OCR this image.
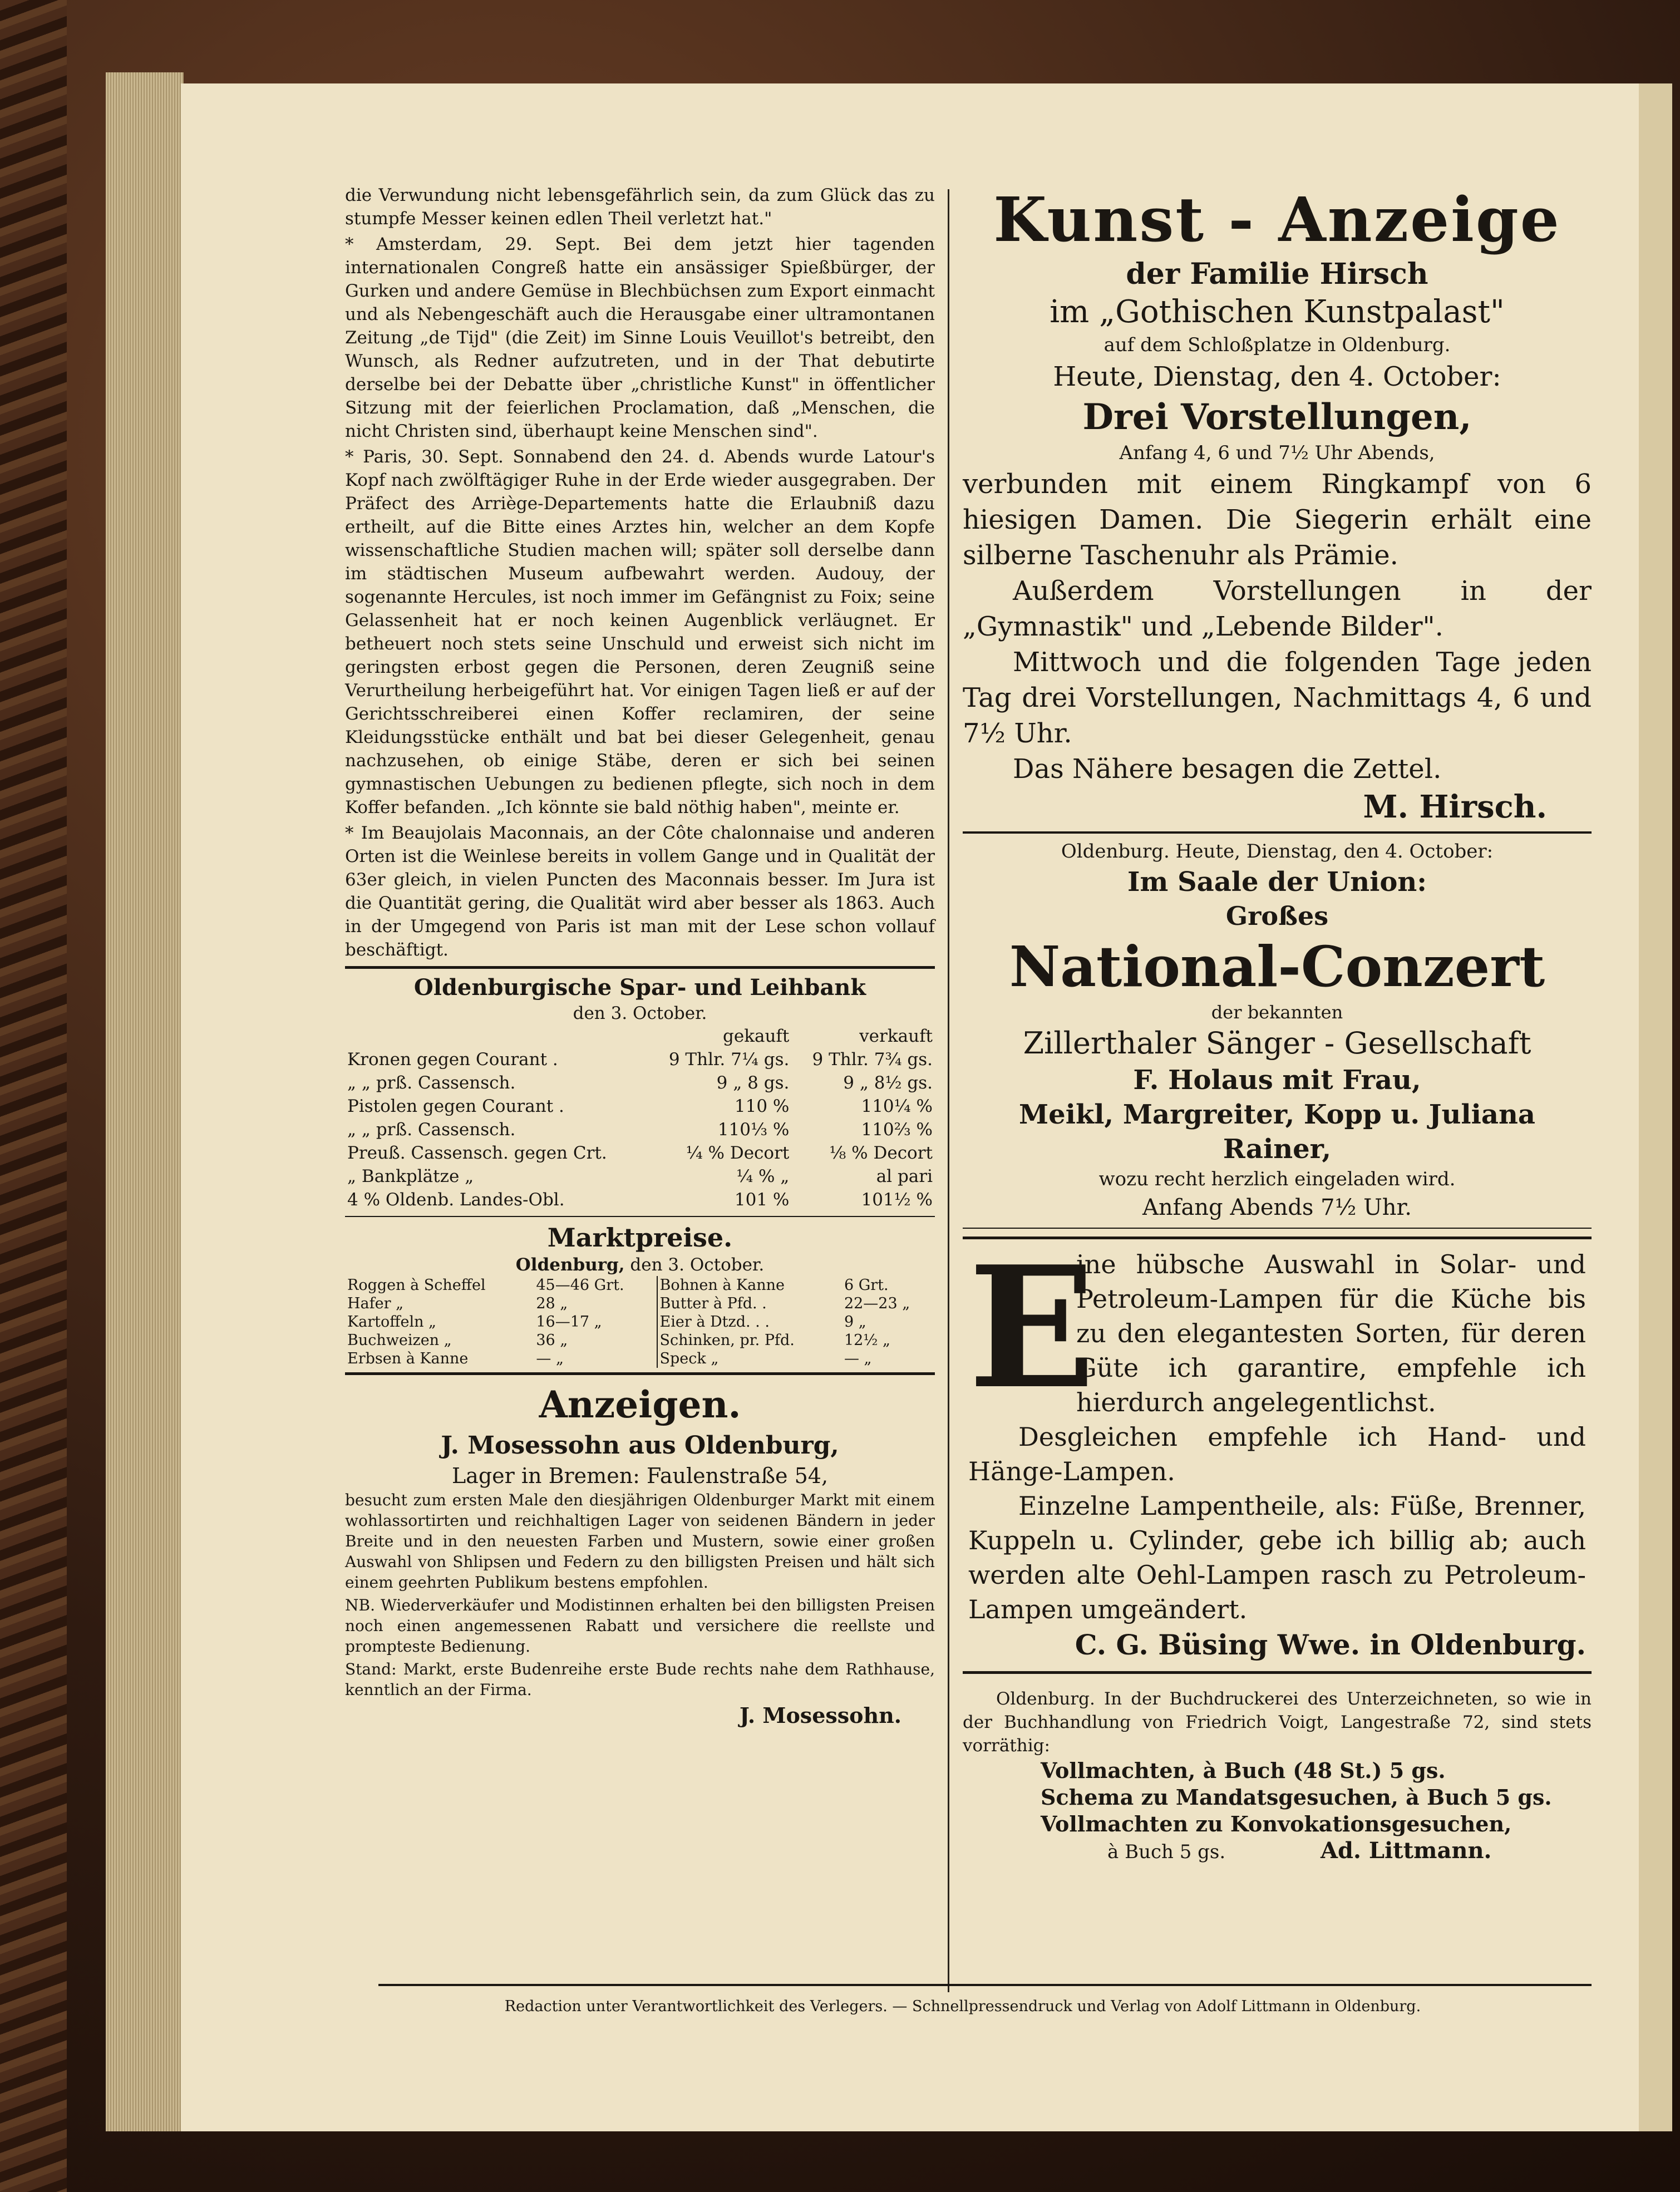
die Verwundung nicht lebensgefährlich sein, da zum Glück das zu stumpfe Messer keinen edlen Theil verletzt hat."

* Amsterdam, 29. Sept. Bei dem jetzt hier tagenden internationalen Congreß hatte ein ansässiger Spießbürger, der Gurken und andere Gemüse in Blechbüchsen zum Export einmacht und als Nebengeschäft auch die Herausgabe einer ultramontanen Zeitung „de Tijd" (die Zeit) im Sinne Louis Veuillot's betreibt, den Wunsch, als Redner aufzutreten, und in der That debutirte derselbe bei der Debatte über „christliche Kunst" in öffentlicher Sitzung mit der feierlichen Proclamation, daß „Menschen, die nicht Christen sind, überhaupt keine Menschen sind".

* Paris, 30. Sept. Sonnabend den 24. d. Abends wurde Latour's Kopf nach zwölftägiger Ruhe in der Erde wieder ausgegraben. Der Präfect des Arriège-Departements hatte die Erlaubniß dazu ertheilt, auf die Bitte eines Arztes hin, welcher an dem Kopfe wissenschaftliche Studien machen will; später soll derselbe dann im städtischen Museum aufbewahrt werden. Audouy, der sogenannte Hercules, ist noch immer im Gefängnist zu Foix; seine Gelassenheit hat er noch keinen Augenblick verläugnet. Er betheuert noch stets seine Unschuld und erweist sich nicht im geringsten erbost gegen die Personen, deren Zeugniß seine Verurtheilung herbeigeführt hat. Vor einigen Tagen ließ er auf der Gerichtsschreiberei einen Koffer reclamiren, der seine Kleidungsstücke enthält und bat bei dieser Gelegenheit, genau nachzusehen, ob einige Stäbe, deren er sich bei seinen gymnastischen Uebungen zu bedienen pflegte, sich noch in dem Koffer befanden. „Ich könnte sie bald nöthig haben", meinte er.

* Im Beaujolais Maconnais, an der Côte chalonnaise und anderen Orten ist die Weinlese bereits in vollem Gange und in Qualität der 63er gleich, in vielen Puncten des Maconnais besser. Im Jura ist die Quantität gering, die Qualität wird aber besser als 1863. Auch in der Umgegend von Paris ist man mit der Lese schon vollauf beschäftigt.

Oldenburgische Spar- und Leihbank
den 3. October.
	gekauft	verkauft
Kronen gegen Courant .	9 Thlr. 7¼ gs.	9 Thlr. 7¾ gs.
„ „ prß. Cassensch.	9 „ 8 gs.	9 „ 8½ gs.
Pistolen gegen Courant .	110 %	110¼ %
„ „ prß. Cassensch.	110⅓ %	110⅔ %
Preuß. Cassensch. gegen Crt.	¼ % Decort	⅛ % Decort
„ Bankplätze „	¼ % „	al pari
4 % Oldenb. Landes-Obl.	101 %	101½ %
Marktpreise.
Oldenburg, den 3. October.
Roggen à Scheffel	45—46 Grt.	Bohnen à Kanne	6 Grt.
Hafer „	28 „	Butter à Pfd. .	22—23 „
Kartoffeln „	16—17 „	Eier à Dtzd. . .	9 „
Buchweizen „	36 „	Schinken, pr. Pfd.	12½ „
Erbsen à Kanne	— „	Speck „	— „
Anzeigen.
J. Mosessohn aus Oldenburg,
Lager in Bremen: Faulenstraße 54,

besucht zum ersten Male den diesjährigen Oldenburger Markt mit einem wohlassortirten und reichhaltigen Lager von seidenen Bändern in jeder Breite und in den neuesten Farben und Mustern, sowie einer großen Auswahl von Shlipsen und Federn zu den billigsten Preisen und hält sich einem geehrten Publikum bestens empfohlen.

NB. Wiederverkäufer und Modistinnen erhalten bei den billigsten Preisen noch einen angemessenen Rabatt und versichere die reellste und prompteste Bedienung.

Stand: Markt, erste Budenreihe erste Bude rechts nahe dem Rathhause, kenntlich an der Firma.

J. Mosessohn.
Kunst - Anzeige
der Familie Hirsch
im „Gothischen Kunstpalast"
auf dem Schloßplatze in Oldenburg.
Heute, Dienstag, den 4. October:
Drei Vorstellungen,
Anfang 4, 6 und 7½ Uhr Abends,
verbunden mit einem Ringkampf von 6 hiesigen Damen. Die Siegerin erhält eine silberne Taschenuhr als Prämie.
Außerdem Vorstellungen in der „Gymnastik" und „Lebende Bilder".
Mittwoch und die folgenden Tage jeden Tag drei Vorstellungen, Nachmittags 4, 6 und 7½ Uhr.
Das Nähere besagen die Zettel.
M. Hirsch.
Oldenburg. Heute, Dienstag, den 4. October:
Im Saale der Union:
Großes
National-Conzert
der bekannten
Zillerthaler Sänger - Gesellschaft
F. Holaus mit Frau,
Meikl, Margreiter, Kopp u. Juliana Rainer,
wozu recht herzlich eingeladen wird.
Anfang Abends 7½ Uhr.
E
ine hübsche Auswahl in Solar- und Petroleum-Lampen für die Küche bis zu den elegantesten Sorten, für deren Güte ich garantire, empfehle ich hierdurch angelegentlichst.
Desgleichen empfehle ich Hand- und Hänge-Lampen.
Einzelne Lampentheile, als: Füße, Brenner, Kuppeln u. Cylinder, gebe ich billig ab; auch werden alte Oehl-Lampen rasch zu Petroleum-Lampen umgeändert.
C. G. Büsing Wwe. in Oldenburg.

Oldenburg. In der Buchdruckerei des Unterzeichneten, so wie in der Buchhandlung von Friedrich Voigt, Langestraße 72, sind stets vorräthig:

Vollmachten, à Buch (48 St.) 5 gs.
Schema zu Mandatsgesuchen, à Buch 5 gs.
Vollmachten zu Konvokationsgesuchen,
à Buch 5 gs.	Ad. Littmann.
Redaction unter Verantwortlichkeit des Verlegers. — Schnellpressendruck und Verlag von Adolf Littmann in Oldenburg.
